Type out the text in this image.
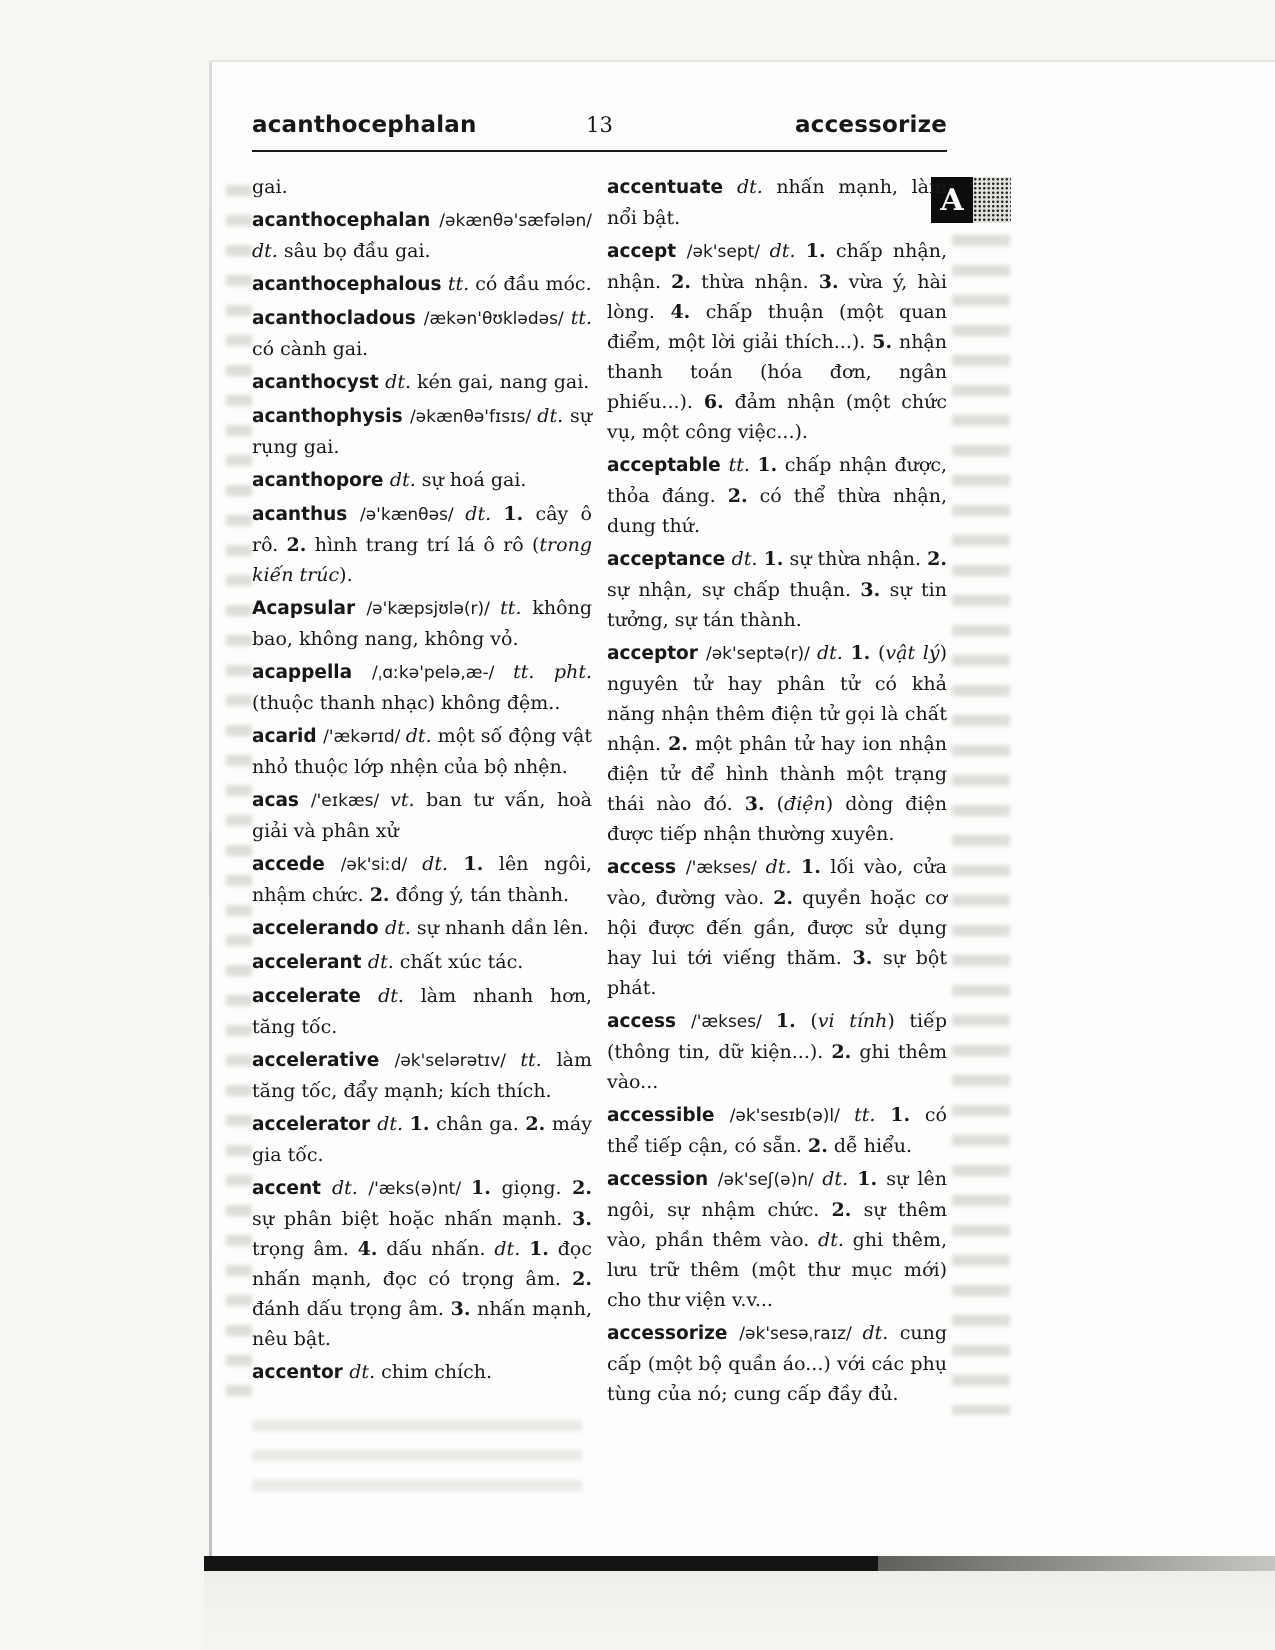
acanthocephalan	13	accessorize
A

gai.

acanthocephalan /əkænθə'sæfələn/ dt. sâu bọ đầu gai.

acanthocephalous tt. có đầu móc.

acanthocladous /ækən'θʊklədəs/ tt. có cành gai.

acanthocyst dt. kén gai, nang gai.

acanthophysis /əkænθə'fɪsɪs/ dt. sự rụng gai.

acanthopore dt. sự hoá gai.

acanthus /ə'kænθəs/ dt. 1. cây ô rô. 2. hình trang trí lá ô rô (trong kiến trúc).

Acapsular /ə'kæpsjʊlə(r)/ tt. không bao, không nang, không vỏ.

acappella /ˌɑːkə'pelə,æ-/ tt. pht. (thuộc thanh nhạc) không đệm..

acarid /'ækərɪd/ dt. một số động vật nhỏ thuộc lớp nhện của bộ nhện.

acas /'eɪkæs/ vt. ban tư vấn, hoà giải và phân xử

accede /ək'siːd/ dt. 1. lên ngôi, nhậm chức. 2. đồng ý, tán thành.

accelerando dt. sự nhanh dần lên.

accelerant dt. chất xúc tác.

accelerate dt. làm nhanh hơn, tăng tốc.

accelerative /ək'selərətɪv/ tt. làm tăng tốc, đẩy mạnh; kích thích.

accelerator dt. 1. chân ga. 2. máy gia tốc.

accent dt. /'æks(ə)nt/ 1. giọng. 2. sự phân biệt hoặc nhấn mạnh. 3. trọng âm. 4. dấu nhấn. dt. 1. đọc nhấn mạnh, đọc có trọng âm. 2. đánh dấu trọng âm. 3. nhấn mạnh, nêu bật.

accentor dt. chim chích.

accentuate dt. nhấn mạnh, làm nổi bật.

accept /ək'sept/ dt. 1. chấp nhận, nhận. 2. thừa nhận. 3. vừa ý, hài lòng. 4. chấp thuận (một quan điểm, một lời giải thích...). 5. nhận thanh toán (hóa đơn, ngân phiếu...). 6. đảm nhận (một chức vụ, một công việc...).

acceptable tt. 1. chấp nhận được, thỏa đáng. 2. có thể thừa nhận, dung thứ.

acceptance dt. 1. sự thừa nhận. 2. sự nhận, sự chấp thuận. 3. sự tin tưởng, sự tán thành.

acceptor /ək'septə(r)/ dt. 1. (vật lý) nguyên tử hay phân tử có khả năng nhận thêm điện tử gọi là chất nhận. 2. một phân tử hay ion nhận điện tử để hình thành một trạng thái nào đó. 3. (điện) dòng điện được tiếp nhận thường xuyên.

access /'ækses/ dt. 1. lối vào, cửa vào, đường vào. 2. quyền hoặc cơ hội được đến gần, được sử dụng hay lui tới viếng thăm. 3. sự bột phát.

access /'ækses/ 1. (vi tính) tiếp (thông tin, dữ kiện...). 2. ghi thêm vào...

accessible /ək'sesɪb(ə)l/ tt. 1. có thể tiếp cận, có sẵn. 2. dễ hiểu.

accession /ək'seʃ(ə)n/ dt. 1. sự lên ngôi, sự nhậm chức. 2. sự thêm vào, phần thêm vào. dt. ghi thêm, lưu trữ thêm (một thư mục mới) cho thư viện v.v...

accessorize /ək'sesəˌraɪz/ dt. cung cấp (một bộ quần áo...) với các phụ tùng của nó; cung cấp đầy đủ.
